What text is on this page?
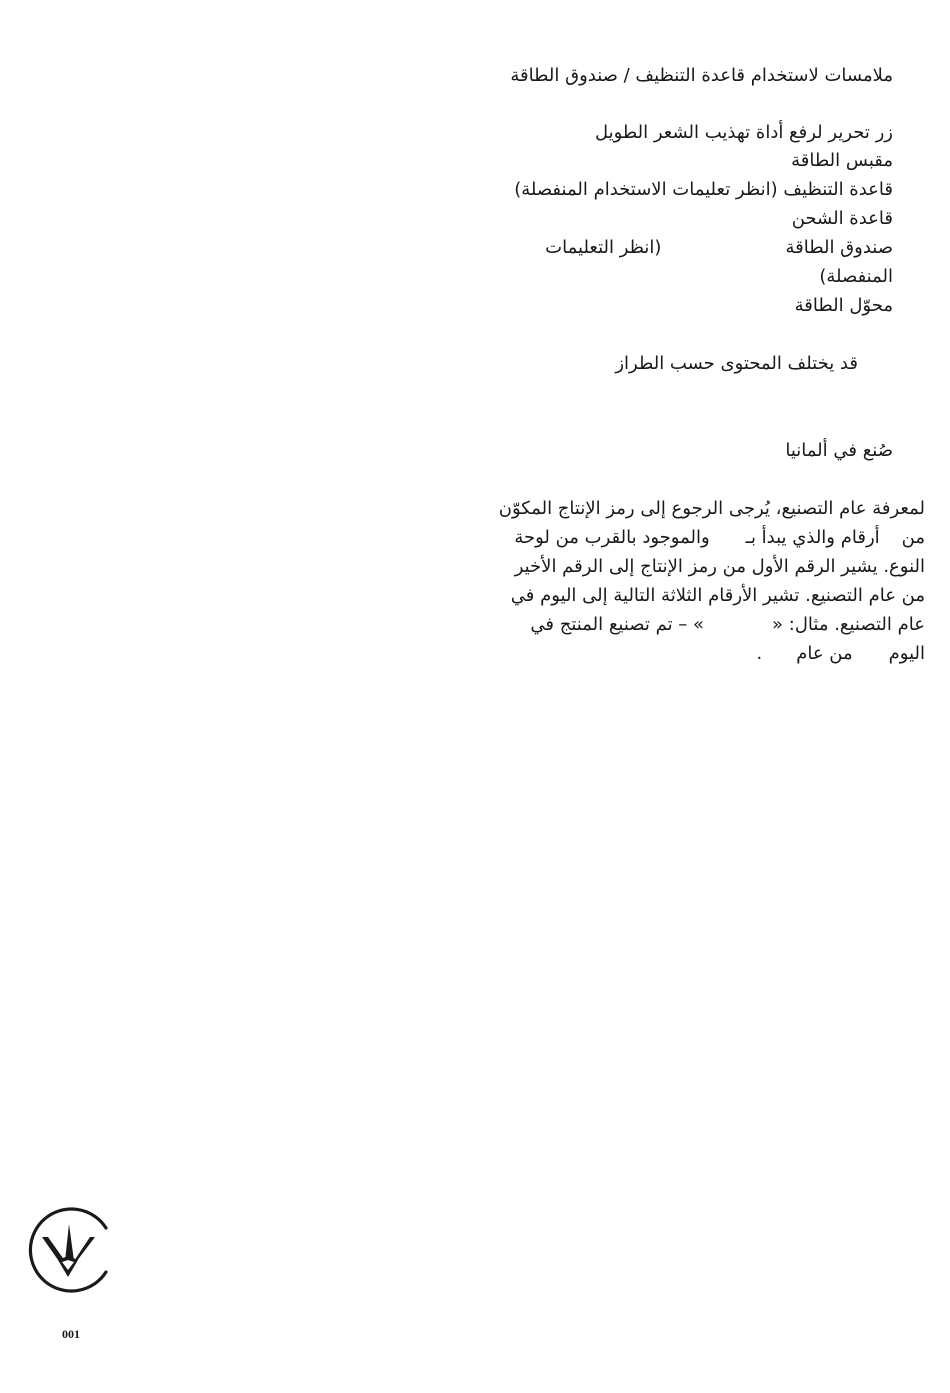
ملامسات لاستخدام قاعدة التنظيف / صندوق الطاقة
زر تحرير لرفع أداة تهذيب الشعر الطويل
مقبس الطاقة
قاعدة التنظيف (انظر تعليمات الاستخدام المنفصلة)
قاعدة الشحن
صندوق الطاقة(انظر التعليمات
المنفصلة)
محوّل الطاقة
قد يختلف المحتوى حسب الطراز
صُنع في ألمانيا
لمعرفة عام التصنيع، يُرجى الرجوع إلى رمز الإنتاج المكوّن
منأرقام والذي يبدأ بـوالموجود بالقرب من لوحة
النوع. يشير الرقم الأول من رمز الإنتاج إلى الرقم الأخير
من عام التصنيع. تشير الأرقام الثلاثة التالية إلى اليوم في
عام التصنيع. مثال: «» – تم تصنيع المنتج في
اليوممن عام.
001
